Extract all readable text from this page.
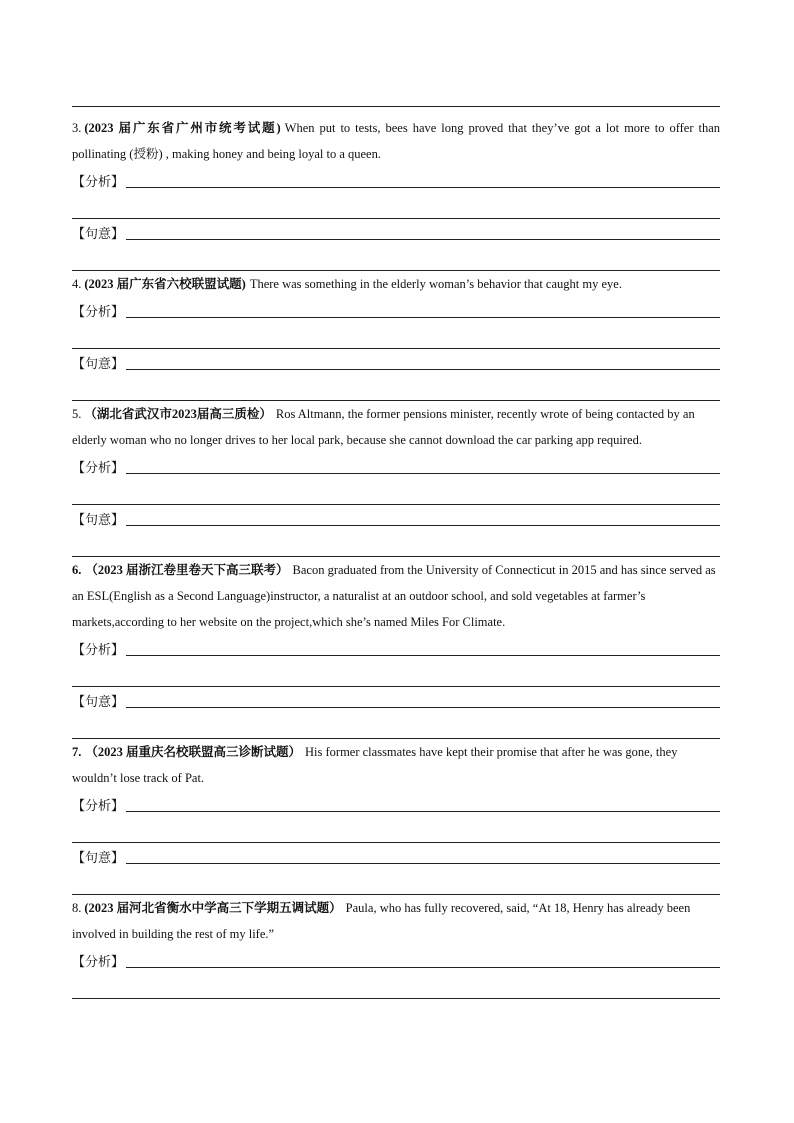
3. (2023 届广东省广州市统考试题) When put to tests, bees have long proved that they’ve got a lot more to offer than pollinating (授粉) , making honey and being loyal to a queen.
【分析】
【句意】
4. (2023 届广东省六校联盟试题) There was something in the elderly woman’s behavior that caught my eye.
【分析】
【句意】
5. （湖北省武汉市2023届高三质检） Ros Altmann, the former pensions minister, recently wrote of being contacted by an elderly woman who no longer drives to her local park, because she cannot download the car parking app required.
【分析】
【句意】
6. （2023 届浙江卷里卷天下高三联考） Bacon graduated from the University of Connecticut in 2015 and has since served as an ESL(English as a Second Language)instructor, a naturalist at an outdoor school, and sold vegetables at farmer’s markets,according to her website on the project,which she’s named Miles For Climate.
【分析】
【句意】
7. （2023 届重庆名校联盟高三诊断试题） His former classmates have kept their promise that after he was gone, they wouldn’t lose track of Pat.
【分析】
【句意】
8. (2023 届河北省衡水中学高三下学期五调试题） Paula, who has fully recovered, said, “At 18, Henry has already been involved in building the rest of my life.”
【分析】
